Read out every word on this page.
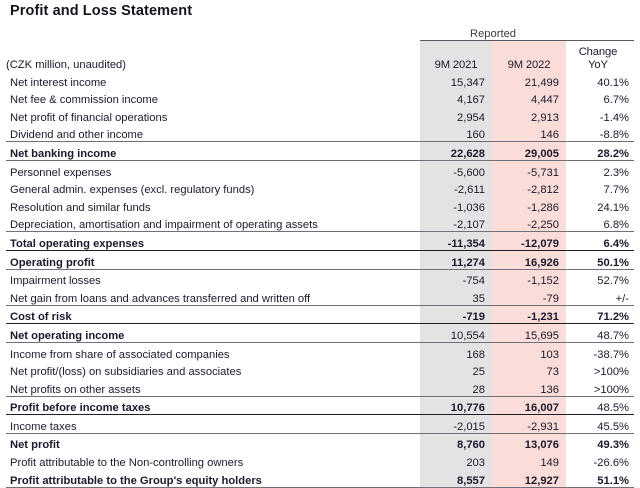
Profit and Loss Statement
	Reported		

(CZK million, unaudited)	9M 2021	9M 2022	Change
YoY

Net interest income	15,347	21,499	40.1%
Net fee & commission income	4,167	4,447	6.7%
Net profit of financial operations	2,954	2,913	-1.4%
Dividend and other income	160	146	-8.8%
Net banking income	22,628	29,005	28.2%
Personnel expenses	-5,600	-5,731	2.3%
General admin. expenses (excl. regulatory funds)	-2,611	-2,812	7.7%
Resolution and similar funds	-1,036	-1,286	24.1%
Depreciation, amortisation and impairment of operating assets	-2,107	-2,250	6.8%
Total operating expenses	-11,354	-12,079	6.4%
Operating profit	11,274	16,926	50.1%
Impairment losses	-754	-1,152	52.7%
Net gain from loans and advances transferred and written off	35	-79	+/-
Cost of risk	-719	-1,231	71.2%
Net operating income	10,554	15,695	48.7%
Income from share of associated companies	168	103	-38.7%
Net profit/(loss) on subsidiaries and associates	25	73	>100%
Net profits on other assets	28	136	>100%
Profit before income taxes	10,776	16,007	48.5%
Income taxes	-2,015	-2,931	45.5%
Net profit	8,760	13,076	49.3%
Profit attributable to the Non-controlling owners	203	149	-26.6%
Profit attributable to the Group's equity holders	8,557	12,927	51.1%
